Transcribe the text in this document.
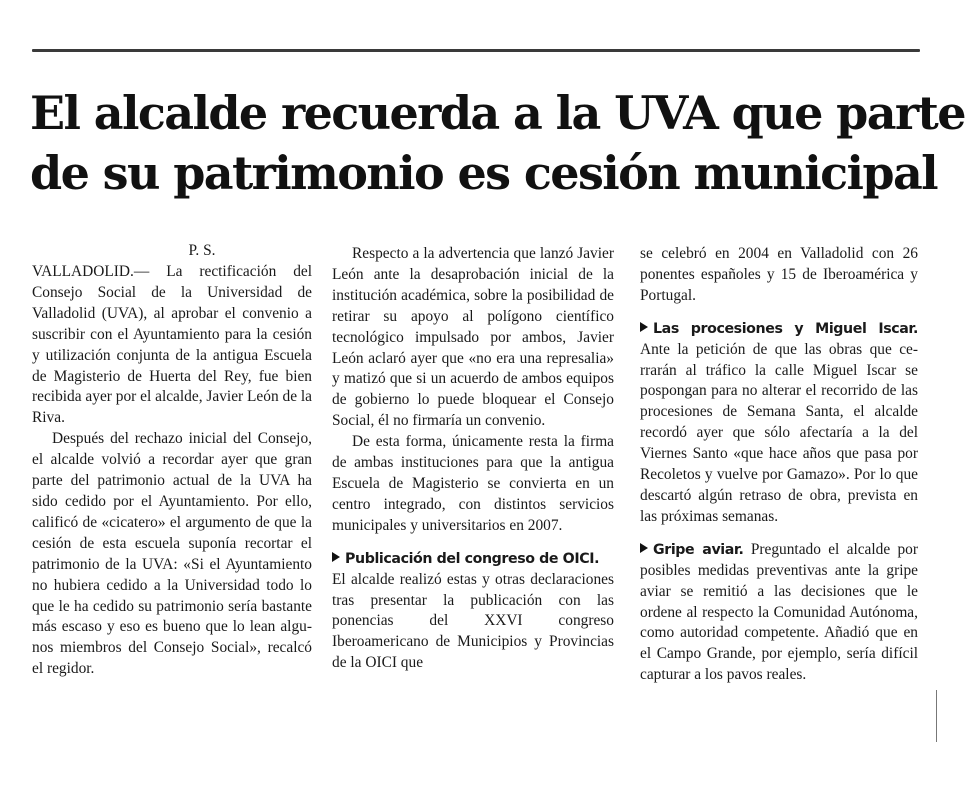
El alcalde recuerda a la UVA que parte
de su patrimonio es cesión municipal

P. S.

VALLADOLID.— La rectificación del Consejo Social de la Universidad de Valladolid (UVA), al aprobar el convenio a suscribir con el Ayuntamiento para la cesión y utilización conjunta de la antigua Escuela de Magisterio de Huerta del Rey, fue bien recibida ayer por el alcalde, Javier León de la Riva.

Después del rechazo inicial del Consejo, el alcalde volvió a recordar ayer que gran parte del patrimonio actual de la UVA ha sido cedido por el Ayuntamiento. Por ello, calificó de «cicatero» el argumento de que la cesión de esta escuela suponía recortar el patrimonio de la UVA: «Si el Ayuntamiento no hubiera cedido a la Universidad todo lo que le ha cedido su patrimonio sería bastante más escaso y eso es bueno que lo lean algunos miembros del Consejo Social», recalcó el regidor.

Respecto a la advertencia que lanzó Javier León ante la desaprobación inicial de la institución académica, sobre la posibilidad de retirar su apoyo al polígono científico tecnológico impulsado por ambos, Javier León aclaró ayer que «no era una represalia» y matizó que si un acuerdo de ambos equipos de gobierno lo puede bloquear el Consejo Social, él no firmaría un convenio.

De esta forma, únicamente resta la firma de ambas instituciones para que la antigua Escuela de Magisterio se convierta en un centro integrado, con distintos servicios municipales y universitarios en 2007.

Publicación del congreso de OICI.

El alcalde realizó estas y otras declaraciones tras presentar la publicación con las ponencias del XXVI congreso Iberoamericano de Municipios y Provincias de la OICI que

se celebró en 2004 en Valladolid con 26 ponentes españoles y 15 de Iberoamérica y Portugal.

Las procesiones y Miguel Iscar. Ante la petición de que las obras que cerrarán al tráfico la calle Miguel Iscar se pospongan para no alterar el recorrido de las procesiones de Semana Santa, el alcalde recordó ayer que sólo afectaría a la del Viernes Santo «que hace años que pasa por Recoletos y vuelve por Gamazo». Por lo que descartó algún retraso de obra, prevista en las próximas semanas.

Gripe aviar. Preguntado el alcalde por posibles medidas preventivas ante la gripe aviar se remitió a las decisiones que le ordene al respecto la Comunidad Autónoma, como autoridad competente. Añadió que en el Campo Grande, por ejemplo, sería difícil capturar a los pavos reales.
